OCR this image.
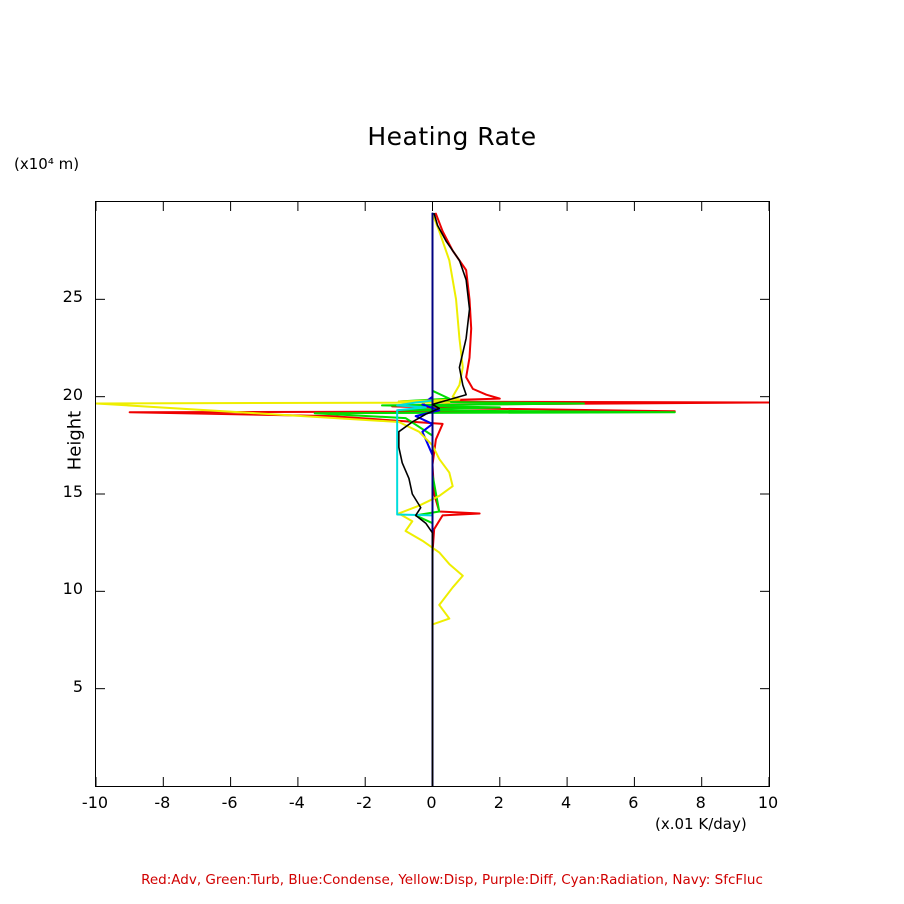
Heating Rate
(x10⁴ m)
Height
-10	-8	-6	-4	-2	0	2	4	6	8	10
5
10
15
20
25
(x.01 K/day)
Red:Adv, Green:Turb, Blue:Condense, Yellow:Disp, Purple:Diff, Cyan:Radiation, Navy: SfcFluc
